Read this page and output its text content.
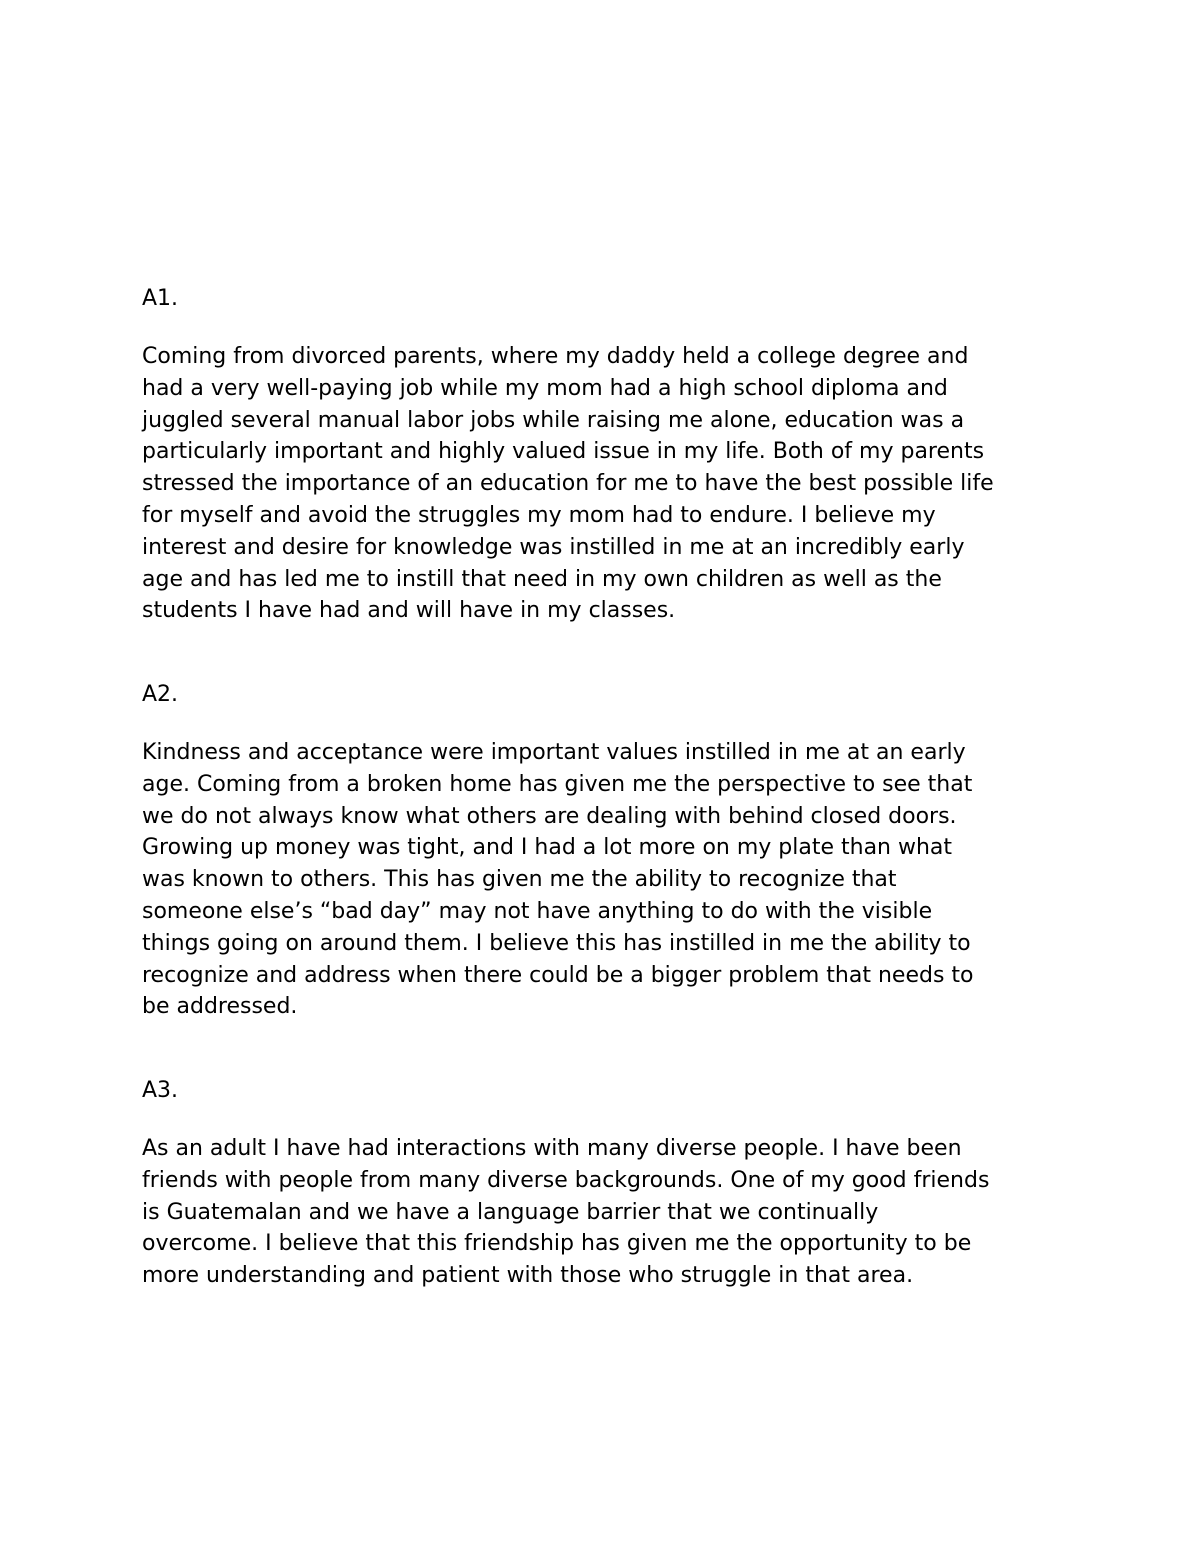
A1.

Coming from divorced parents, where my daddy held a college degree and

had a very well-paying job while my mom had a high school diploma and

juggled several manual labor jobs while raising me alone, education was a

particularly important and highly valued issue in my life. Both of my parents

stressed the importance of an education for me to have the best possible life

for myself and avoid the struggles my mom had to endure. I believe my

interest and desire for knowledge was instilled in me at an incredibly early

age and has led me to instill that need in my own children as well as the

students I have had and will have in my classes.

A2.

Kindness and acceptance were important values instilled in me at an early

age. Coming from a broken home has given me the perspective to see that

we do not always know what others are dealing with behind closed doors.

Growing up money was tight, and I had a lot more on my plate than what

was known to others. This has given me the ability to recognize that

someone else’s “bad day” may not have anything to do with the visible

things going on around them. I believe this has instilled in me the ability to

recognize and address when there could be a bigger problem that needs to

be addressed.

A3.

As an adult I have had interactions with many diverse people. I have been

friends with people from many diverse backgrounds. One of my good friends

is Guatemalan and we have a language barrier that we continually

overcome. I believe that this friendship has given me the opportunity to be

more understanding and patient with those who struggle in that area.
